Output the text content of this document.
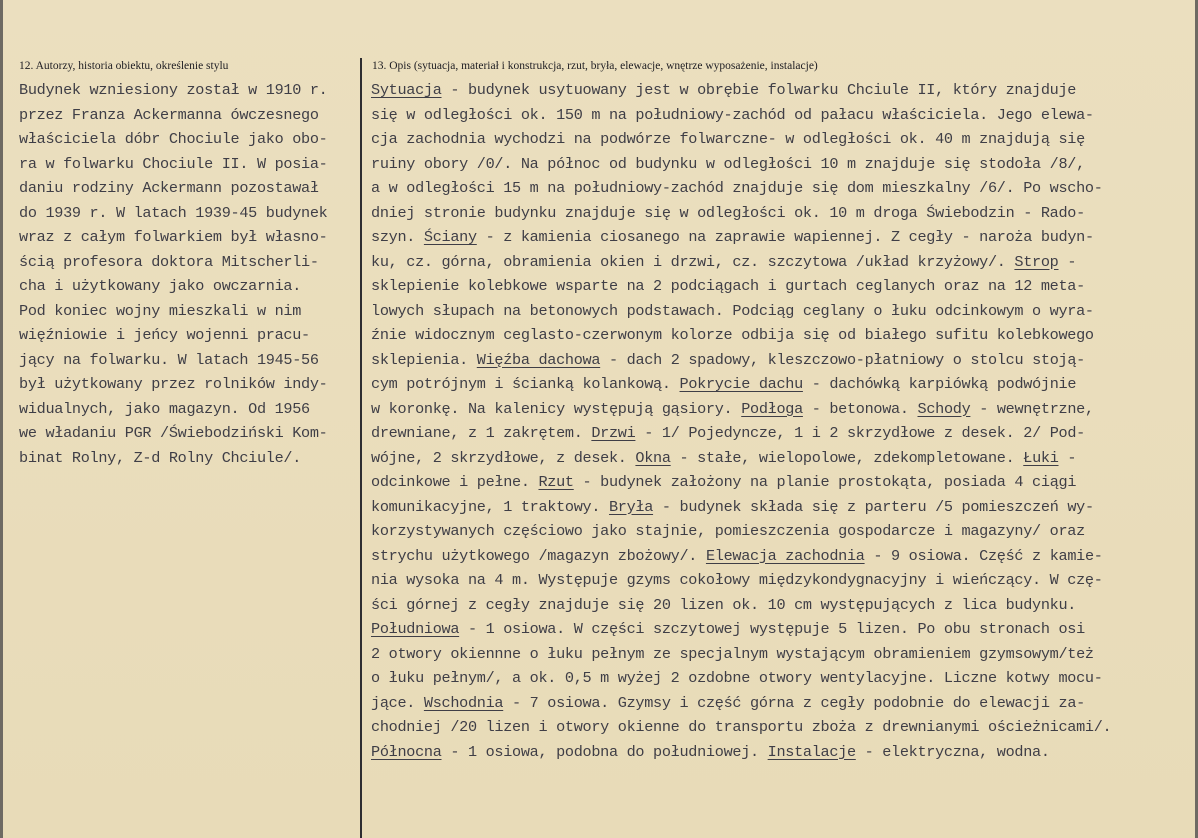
12. Autorzy, historia obiektu, określenie stylu	13. Opis (sytuacja, materiał i konstrukcja, rzut, bryła, elewacje, wnętrze wyposażenie, instalacje)
Budynek wzniesiony został w 1910 r.
przez Franza Ackermanna ówczesnego
właściciela dóbr Chociule jako obo-
ra w folwarku Chociule II. W posia-
daniu rodziny Ackermann pozostawał
do 1939 r. W latach 1939-45 budynek
wraz z całym folwarkiem był własno-
ścią profesora doktora Mitscherli-
cha i użytkowany jako owczarnia.
Pod koniec wojny mieszkali w nim
więźniowie i jeńcy wojenni pracu-
jący na folwarku. W latach 1945-56
był użytkowany przez rolników indy-
widualnych, jako magazyn. Od 1956
we władaniu PGR /Świebodziński Kom-
binat Rolny, Z-d Rolny Chciule/.
Sytuacja - budynek usytuowany jest w obrębie folwarku Chciule II, który znajduje
się w odległości ok. 150 m na południowy-zachód od pałacu właściciela. Jego elewa-
cja zachodnia wychodzi na podwórze folwarczne- w odległości ok. 40 m znajdują się
ruiny obory /0/. Na północ od budynku w odległości 10 m znajduje się stodoła /8/,
a w odległości 15 m na południowy-zachód znajduje się dom mieszkalny /6/. Po wscho-
dniej stronie budynku znajduje się w odległości ok. 10 m droga Świebodzin - Rado-
szyn. Ściany - z kamienia ciosanego na zaprawie wapiennej. Z cegły - naroża budyn-
ku, cz. górna, obramienia okien i drzwi, cz. szczytowa /układ krzyżowy/. Strop -
sklepienie kolebkowe wsparte na 2 podciągach i gurtach ceglanych oraz na 12 meta-
lowych słupach na betonowych podstawach. Podciąg ceglany o łuku odcinkowym o wyra-
źnie widocznym ceglasto-czerwonym kolorze odbija się od białego sufitu kolebkowego
sklepienia. Więźba dachowa - dach 2 spadowy, kleszczowo-płatniowy o stolcu stoją-
cym potrójnym i ścianką kolankową. Pokrycie dachu - dachówką karpiówką podwójnie
w koronkę. Na kalenicy występują gąsiory. Podłoga - betonowa. Schody - wewnętrzne,
drewniane, z 1 zakrętem. Drzwi - 1/ Pojedyncze, 1 i 2 skrzydłowe z desek. 2/ Pod-
wójne, 2 skrzydłowe, z desek. Okna - stałe, wielopolowe, zdekompletowane. Łuki -
odcinkowe i pełne. Rzut - budynek założony na planie prostokąta, posiada 4 ciągi
komunikacyjne, 1 traktowy. Bryła - budynek składa się z parteru /5 pomieszczeń wy-
korzystywanych częściowo jako stajnie, pomieszczenia gospodarcze i magazyny/ oraz
strychu użytkowego /magazyn zbożowy/. Elewacja zachodnia - 9 osiowa. Część z kamie-
nia wysoka na 4 m. Występuje gzyms cokołowy międzykondygnacyjny i wieńczący. W czę-
ści górnej z cegły znajduje się 20 lizen ok. 10 cm występujących z lica budynku.
Południowa - 1 osiowa. W części szczytowej występuje 5 lizen. Po obu stronach osi
2 otwory okiennne o łuku pełnym ze specjalnym wystającym obramieniem gzymsowym/też
o łuku pełnym/, a ok. 0,5 m wyżej 2 ozdobne otwory wentylacyjne. Liczne kotwy mocu-
jące. Wschodnia - 7 osiowa. Gzymsy i część górna z cegły podobnie do elewacji za-
chodniej /20 lizen i otwory okienne do transportu zboża z drewnianymi ościeżnicami/.
Północna - 1 osiowa, podobna do południowej. Instalacje - elektryczna, wodna.
